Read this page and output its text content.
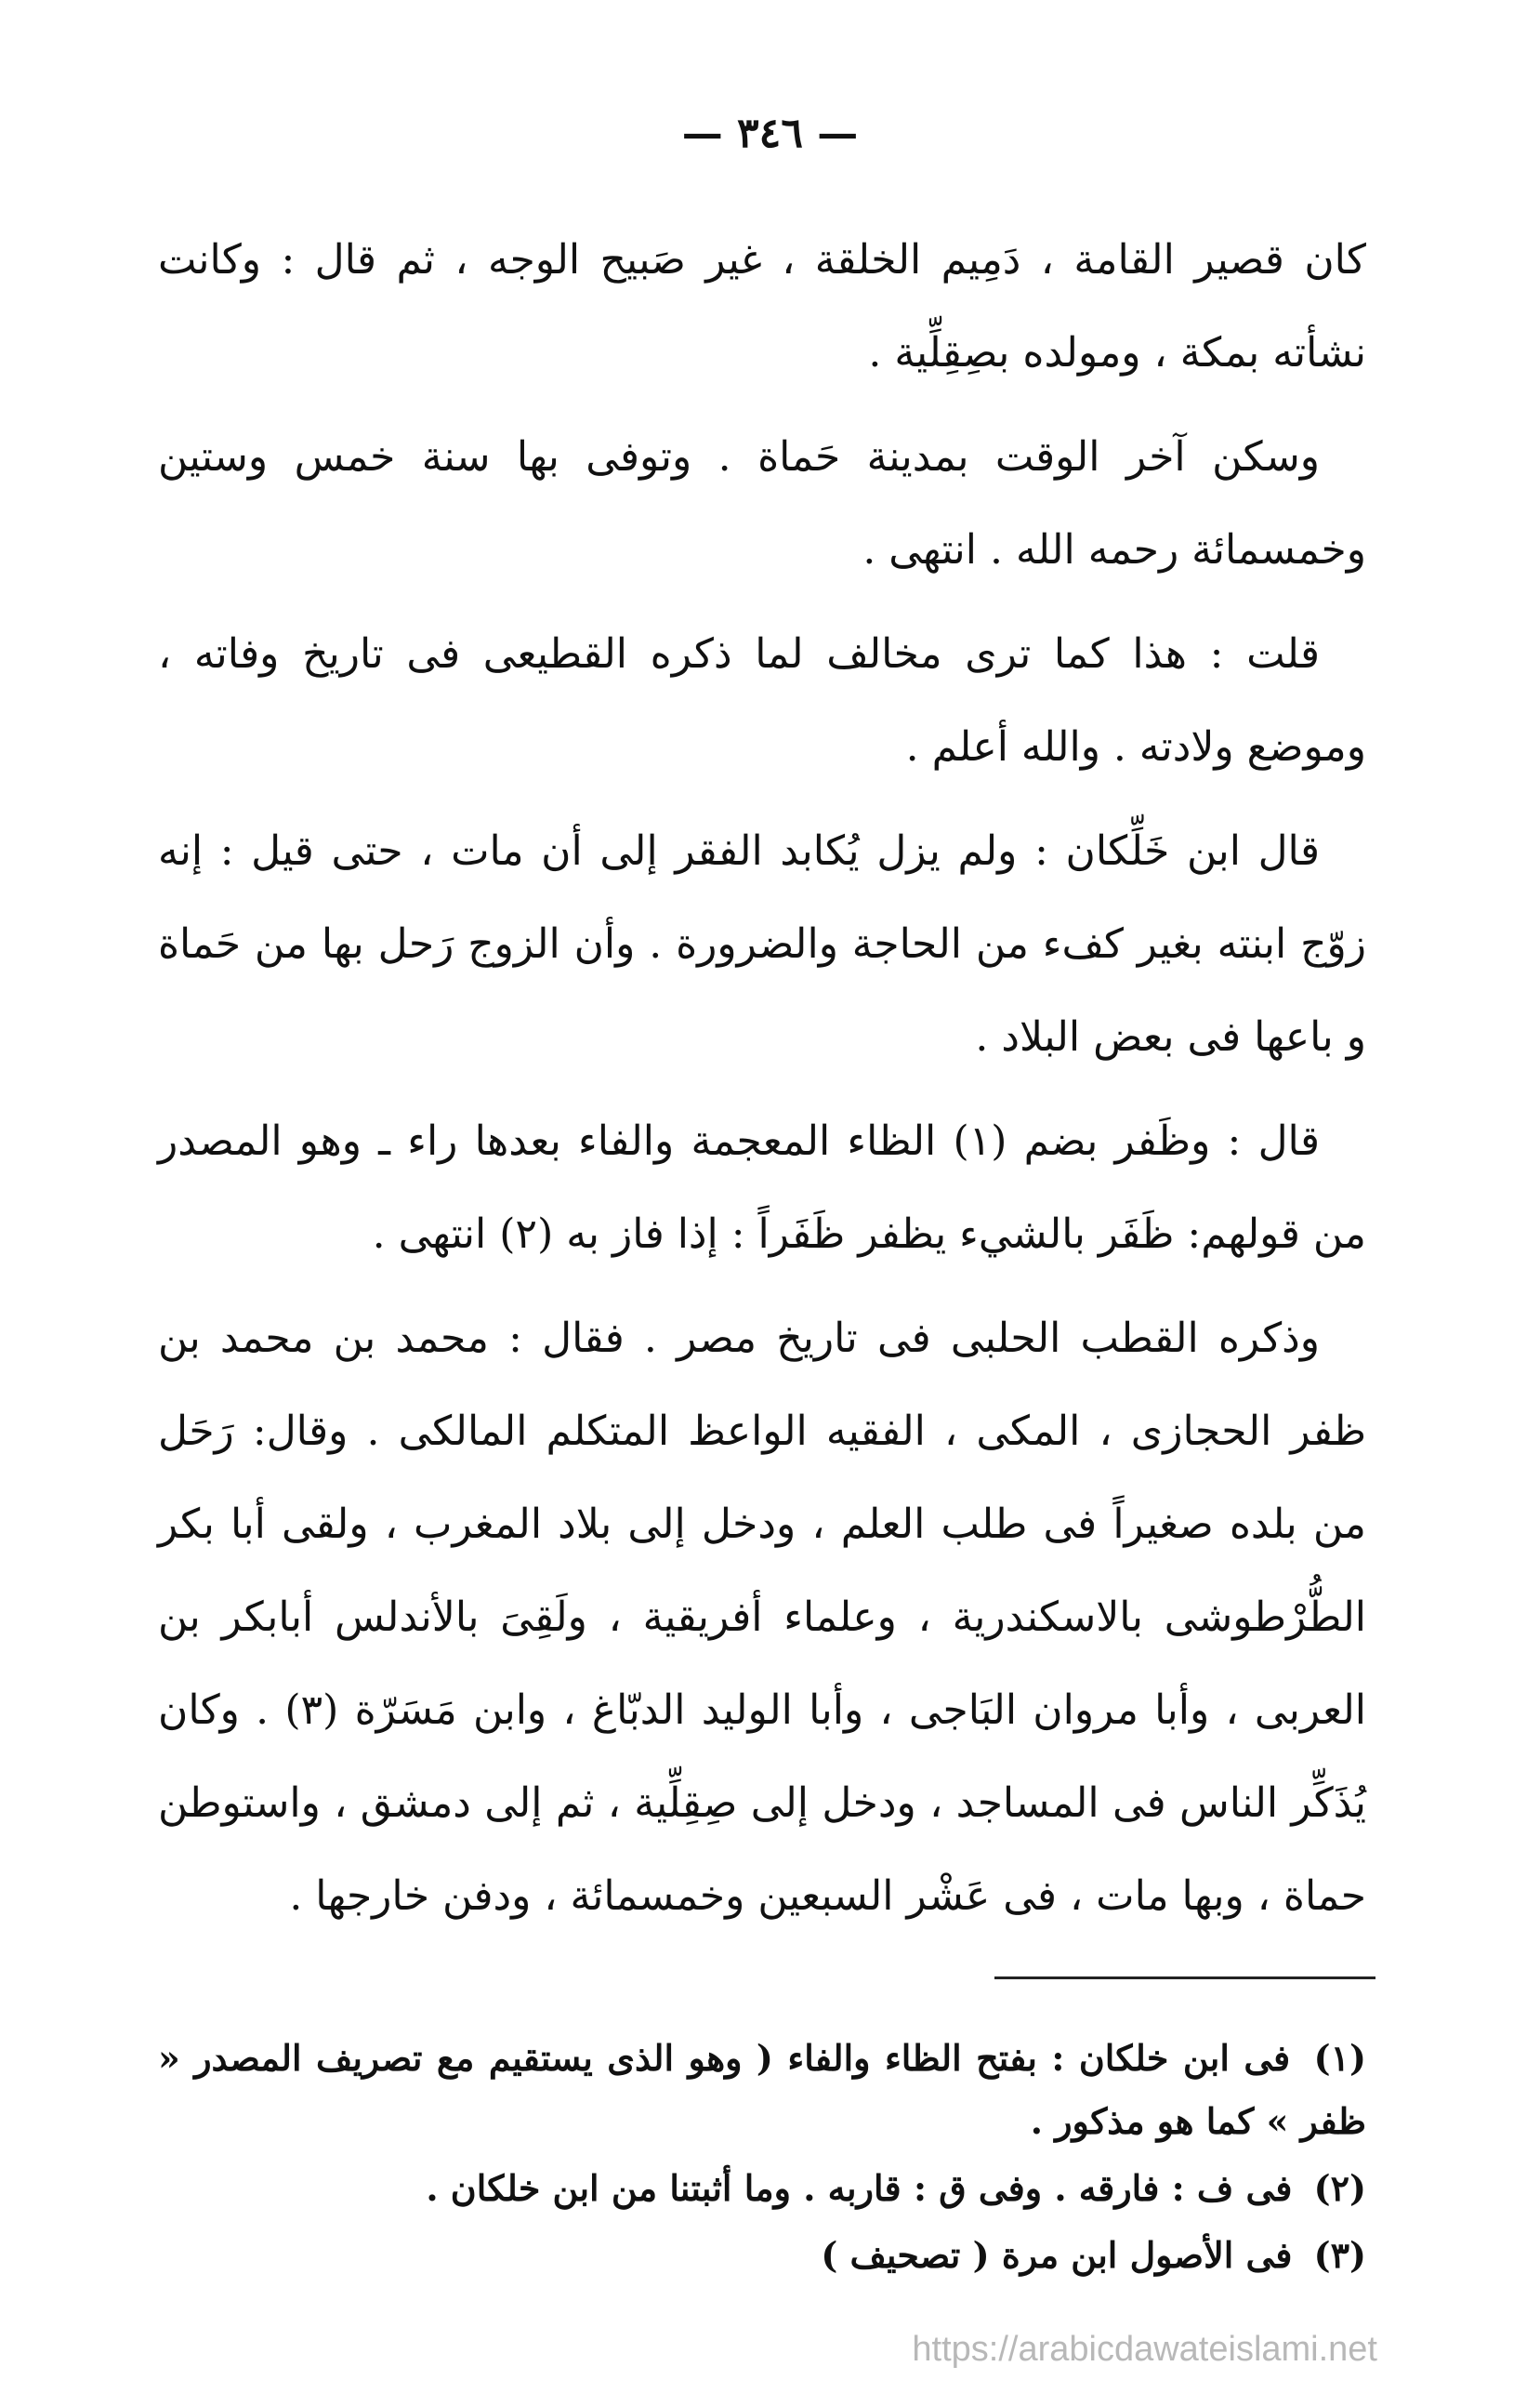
— ٣٤٦ —

كان قصير القامة ، دَمِيم الخلقة ، غير صَبيح الوجه ، ثم قال : وكانت نشأته بمكة ، ومولده بصِقِلِّية .

وسكن آخر الوقت بمدينة حَماة . وتوفى بها سنة خمس وستين وخمسمائة رحمه الله . انتهى .

قلت : هذا كما ترى مخالف لما ذكره القطيعى فى تاريخ وفاته ، وموضع ولادته . والله أعلم .

قال ابن خَلِّكان : ولم يزل يُكابد الفقر إلى أن مات ، حتى قيل : إنه زوّج ابنته بغير كفء من الحاجة والضرورة . وأن الزوج رَحل بها من حَماة و باعها فى بعض البلاد .

قال : وظَفر بضم (١) الظاء المعجمة والفاء بعدها راء ـ وهو المصدر من قولهم: ظَفَر بالشيء يظفر ظَفَراً : إذا فاز به (٢) انتهى .

وذكره القطب الحلبى فى تاريخ مصر . فقال : محمد بن محمد بن ظفر الحجازى ، المكى ، الفقيه الواعظ المتكلم المالكى . وقال: رَحَل من بلده صغيراً فى طلب العلم ، ودخل إلى بلاد المغرب ، ولقى أبا بكر الطُّرْطوشى بالاسكندرية ، وعلماء أفريقية ، ولَقِىَ بالأندلس أبابكر بن العربى ، وأبا مروان البَاجى ، وأبا الوليد الدبّاغ ، وابن مَسَرّة (٣) . وكان يُذَكِّر الناس فى المساجد ، ودخل إلى صِقِلِّية ، ثم إلى دمشق ، واستوطن حماة ، وبها مات ، فى عَشْر السبعين وخمسمائة ، ودفن خارجها .

(١) فى ابن خلكان : بفتح الظاء والفاء ( وهو الذى يستقيم مع تصريف المصدر « ظفر » كما هو مذكور .

(٢) فى ف : فارقه . وفى ق : قاربه . وما أثبتنا من ابن خلكان .

(٣) فى الأصول ابن مرة ( تصحيف )

https://arabicdawateislami.net
